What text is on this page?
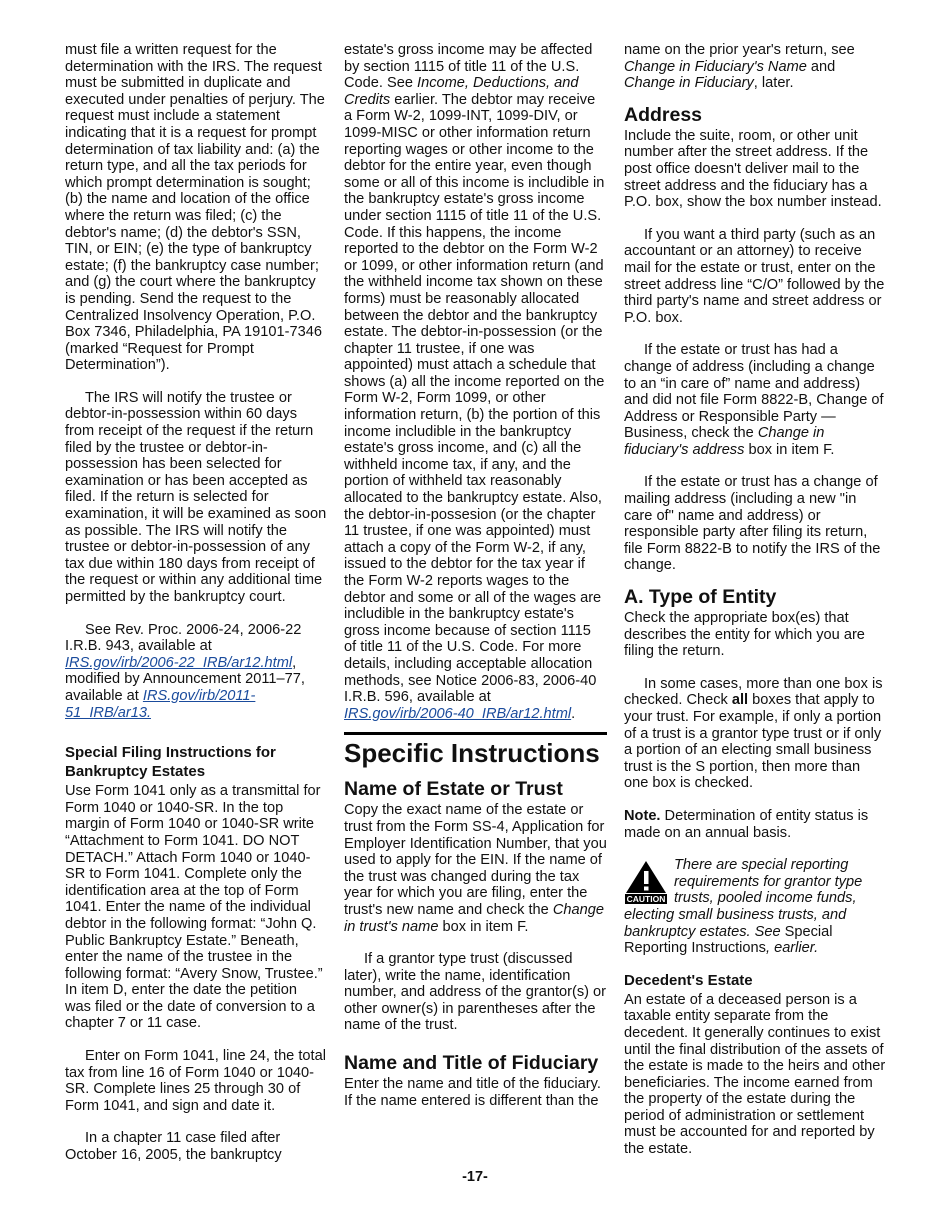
must file a written request for the determination with the IRS. The request must be submitted in duplicate and executed under penalties of perjury. The request must include a statement indicating that it is a request for prompt determination of tax liability and: (a) the return type, and all the tax periods for which prompt determination is sought; (b) the name and location of the office where the return was filed; (c) the debtor's name; (d) the debtor's SSN, TIN, or EIN; (e) the type of bankruptcy estate; (f) the bankruptcy case number; and (g) the court where the bankruptcy is pending. Send the request to the Centralized Insolvency Operation, P.O. Box 7346, Philadelphia, PA 19101-7346 (marked “Request for Prompt Determination”).

The IRS will notify the trustee or debtor-in-possession within 60 days from receipt of the request if the return filed by the trustee or debtor-in-possession has been selected for examination or has been accepted as filed. If the return is selected for examination, it will be examined as soon as possible. The IRS will notify the trustee or debtor-in-possession of any tax due within 180 days from receipt of the request or within any additional time permitted by the bankruptcy court.

See Rev. Proc. 2006-24, 2006-22 I.R.B. 943, available at IRS.gov/irb/2006-22_IRB/ar12.html, modified by Announcement 2011–77, available at IRS.gov/irb/2011-51_IRB/ar13.

Special Filing Instructions for Bankruptcy Estates

Use Form 1041 only as a transmittal for Form 1040 or 1040-SR. In the top margin of Form 1040 or 1040-SR write “Attachment to Form 1041. DO NOT DETACH.” Attach Form 1040 or 1040-SR to Form 1041. Complete only the identification area at the top of Form 1041. Enter the name of the individual debtor in the following format: “John Q. Public Bankruptcy Estate.” Beneath, enter the name of the trustee in the following format: “Avery Snow, Trustee.” In item D, enter the date the petition was filed or the date of conversion to a chapter 7 or 11 case.

Enter on Form 1041, line 24, the total tax from line 16 of Form 1040 or 1040-SR. Complete lines 25 through 30 of Form 1041, and sign and date it.

In a chapter 11 case filed after October 16, 2005, the bankruptcy

estate's gross income may be affected by section 1115 of title 11 of the U.S. Code. See Income, Deductions, and Credits earlier. The debtor may receive a Form W-2, 1099-INT, 1099-DIV, or 1099-MISC or other information return reporting wages or other income to the debtor for the entire year, even though some or all of this income is includible in the bankruptcy estate's gross income under section 1115 of title 11 of the U.S. Code. If this happens, the income reported to the debtor on the Form W-2 or 1099, or other information return (and the withheld income tax shown on these forms) must be reasonably allocated between the debtor and the bankruptcy estate. The debtor-in-possession (or the chapter 11 trustee, if one was appointed) must attach a schedule that shows (a) all the income reported on the Form W-2, Form 1099, or other information return, (b) the portion of this income includible in the bankruptcy estate's gross income, and (c) all the withheld income tax, if any, and the portion of withheld tax reasonably allocated to the bankruptcy estate. Also, the debtor-in-possesion (or the chapter 11 trustee, if one was appointed) must attach a copy of the Form W-2, if any, issued to the debtor for the tax year if the Form W-2 reports wages to the debtor and some or all of the wages are includible in the bankruptcy estate's gross income because of section 1115 of title 11 of the U.S. Code. For more details, including acceptable allocation methods, see Notice 2006-83, 2006-40 I.R.B. 596, available at IRS.gov/irb/2006-40_IRB/ar12.html.

Specific Instructions
Name of Estate or Trust

Copy the exact name of the estate or trust from the Form SS-4, Application for Employer Identification Number, that you used to apply for the EIN. If the name of the trust was changed during the tax year for which you are filing, enter the trust's new name and check the Change in trust's name box in item F.

If a grantor type trust (discussed later), write the name, identification number, and address of the grantor(s) or other owner(s) in parentheses after the name of the trust.

Name and Title of Fiduciary

Enter the name and title of the fiduciary. If the name entered is different than the

name on the prior year's return, see Change in Fiduciary's Name and Change in Fiduciary, later.

Address

Include the suite, room, or other unit number after the street address. If the post office doesn't deliver mail to the street address and the fiduciary has a P.O. box, show the box number instead.

If you want a third party (such as an accountant or an attorney) to receive mail for the estate or trust, enter on the street address line “C/O” followed by the third party's name and street address or P.O. box.

If the estate or trust has had a change of address (including a change to an “in care of” name and address) and did not file Form 8822-B, Change of Address or Responsible Party — Business, check the Change in fiduciary's address box in item F.

If the estate or trust has a change of mailing address (including a new "in care of" name and address) or responsible party after filing its return, file Form 8822-B to notify the IRS of the change.

A. Type of Entity

Check the appropriate box(es) that describes the entity for which you are filing the return.

In some cases, more than one box is checked. Check all boxes that apply to your trust. For example, if only a portion of a trust is a grantor type trust or if only a portion of an electing small business trust is the S portion, then more than one box is checked.

Note. Determination of entity status is made on an annual basis.

CAUTION
There are special reporting requirements for grantor type trusts, pooled income funds, electing small business trusts, and bankruptcy estates. See Special Reporting Instructions, earlier.
Decedent's Estate

An estate of a deceased person is a taxable entity separate from the decedent. It generally continues to exist until the final distribution of the assets of the estate is made to the heirs and other beneficiaries. The income earned from the property of the estate during the period of administration or settlement must be accounted for and reported by the estate.

-17-
